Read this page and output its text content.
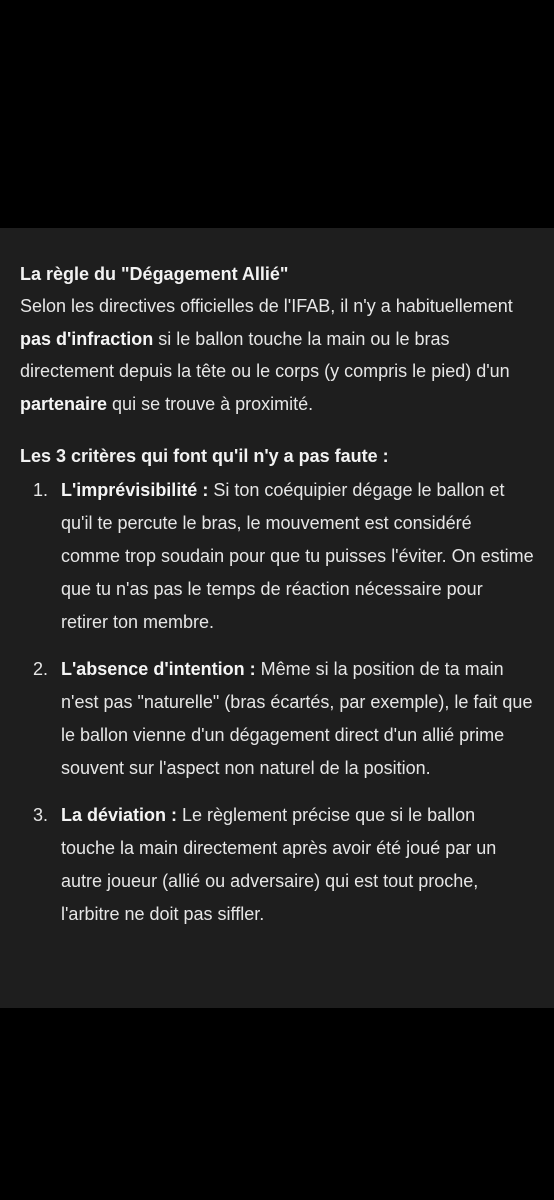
La règle du "Dégagement Allié"

Selon les directives officielles de l'IFAB, il n'y a habituellement pas d'infraction si le ballon touche la main ou le bras directement depuis la tête ou le corps (y compris le pied) d'un partenaire qui se trouve à proximité.

Les 3 critères qui font qu'il n'y a pas faute :
1. L'imprévisibilité : Si ton coéquipier dégage le ballon et qu'il te percute le bras, le mouvement est considéré comme trop soudain pour que tu puisses l'éviter. On estime que tu n'as pas le temps de réaction nécessaire pour retirer ton membre.
2. L'absence d'intention : Même si la position de ta main n'est pas "naturelle" (bras écartés, par exemple), le fait que le ballon vienne d'un dégagement direct d'un allié prime souvent sur l'aspect non naturel de la position.
3. La déviation : Le règlement précise que si le ballon touche la main directement après avoir été joué par un autre joueur (allié ou adversaire) qui est tout proche, l'arbitre ne doit pas siffler.
